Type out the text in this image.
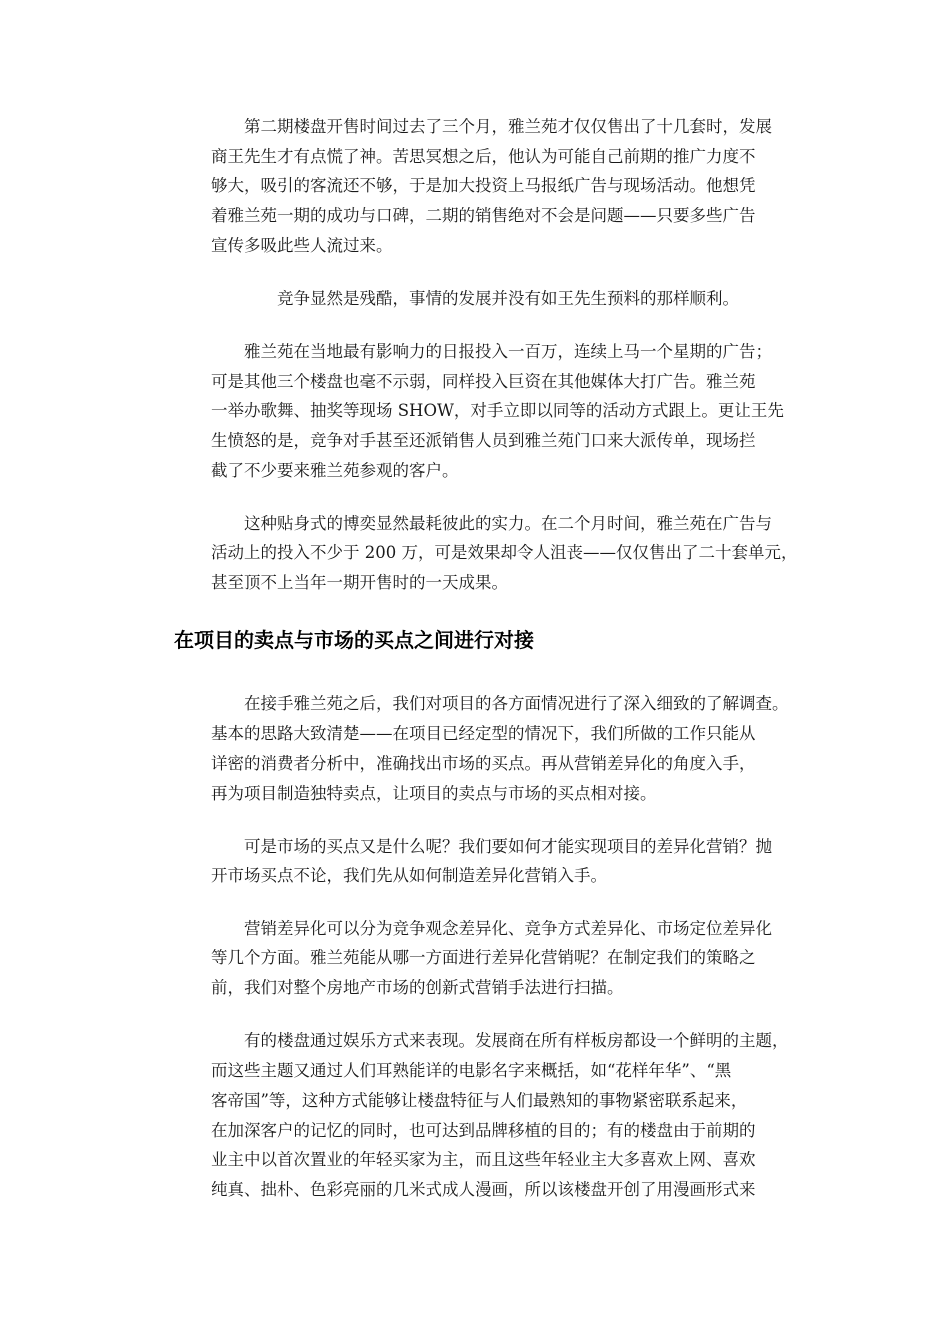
第二期楼盘开售时间过去了三个月，雅兰苑才仅仅售出了十几套时，发展
商王先生才有点慌了神。苦思冥想之后，他认为可能自己前期的推广力度不
够大，吸引的客流还不够，于是加大投资上马报纸广告与现场活动。他想凭
着雅兰苑一期的成功与口碑，二期的销售绝对不会是问题——只要多些广告
宣传多吸此些人流过来。
竞争显然是残酷，事情的发展并没有如王先生预料的那样顺利。
雅兰苑在当地最有影响力的日报投入一百万，连续上马一个星期的广告；
可是其他三个楼盘也毫不示弱，同样投入巨资在其他媒体大打广告。雅兰苑
一举办歌舞、抽奖等现场 SHOW，对手立即以同等的活动方式跟上。更让王先
生愤怒的是，竞争对手甚至还派销售人员到雅兰苑门口来大派传单，现场拦
截了不少要来雅兰苑参观的客户。
这种贴身式的博奕显然最耗彼此的实力。在二个月时间，雅兰苑在广告与
活动上的投入不少于 200 万，可是效果却令人沮丧——仅仅售出了二十套单元，
甚至顶不上当年一期开售时的一天成果。
在项目的卖点与市场的买点之间进行对接
在接手雅兰苑之后，我们对项目的各方面情况进行了深入细致的了解调查。
基本的思路大致清楚——在项目已经定型的情况下，我们所做的工作只能从
详密的消费者分析中，准确找出市场的买点。再从营销差异化的角度入手，
再为项目制造独特卖点，让项目的卖点与市场的买点相对接。
可是市场的买点又是什么呢？我们要如何才能实现项目的差异化营销？抛
开市场买点不论，我们先从如何制造差异化营销入手。
营销差异化可以分为竞争观念差异化、竞争方式差异化、市场定位差异化
等几个方面。雅兰苑能从哪一方面进行差异化营销呢？在制定我们的策略之
前，我们对整个房地产市场的创新式营销手法进行扫描。
有的楼盘通过娱乐方式来表现。发展商在所有样板房都设一个鲜明的主题，
而这些主题又通过人们耳熟能详的电影名字来概括，如“花样年华”、“黑
客帝国”等，这种方式能够让楼盘特征与人们最熟知的事物紧密联系起来，
在加深客户的记忆的同时，也可达到品牌移植的目的；有的楼盘由于前期的
业主中以首次置业的年轻买家为主，而且这些年轻业主大多喜欢上网、喜欢
纯真、拙朴、色彩亮丽的几米式成人漫画，所以该楼盘开创了用漫画形式来
